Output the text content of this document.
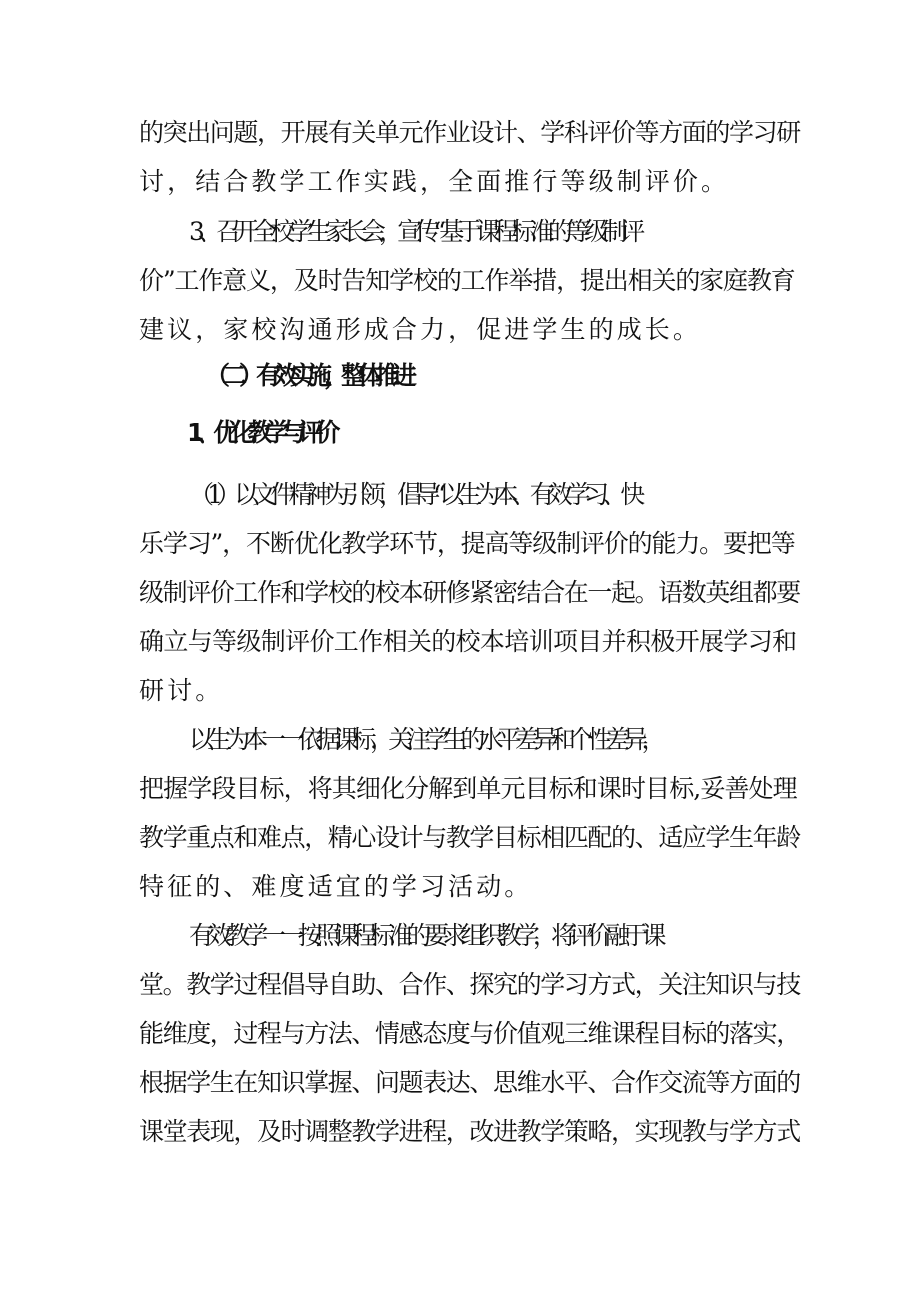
的突出问题，开展有关单元作业设计、学科评价等方面的学习研
讨，结合教学工作实践，全面推行等级制评价。
3、召开全校学生家长会，宣传“基于课程标准的等级制评
价”工作意义，及时告知学校的工作举措，提出相关的家庭教育
建议，家校沟通形成合力，促进学生的成长。
（二）有效实施，整体推进
1、优化教学与评价
（1）以文件精神为引领，倡导“以生为本、有效学习、快
乐学习”，不断优化教学环节，提高等级制评价的能力。要把等
级制评价工作和学校的校本研修紧密结合在一起。语数英组都要
确立与等级制评价工作相关的校本培训项目并积极开展学习和
研讨。
以生为本一一依据课标，关注学生的水平差异和个性差异，
把握学段目标，将其细化分解到单元目标和课时目标,妥善处理
教学重点和难点，精心设计与教学目标相匹配的、适应学生年龄
特征的、难度适宜的学习活动。
有效教学一一按照课程标准的要求组织教学，将评价融于课
堂。教学过程倡导自助、合作、探究的学习方式，关注知识与技
能维度，过程与方法、情感态度与价值观三维课程目标的落实，
根据学生在知识掌握、问题表达、思维水平、合作交流等方面的
课堂表现，及时调整教学进程，改进教学策略，实现教与学方式
